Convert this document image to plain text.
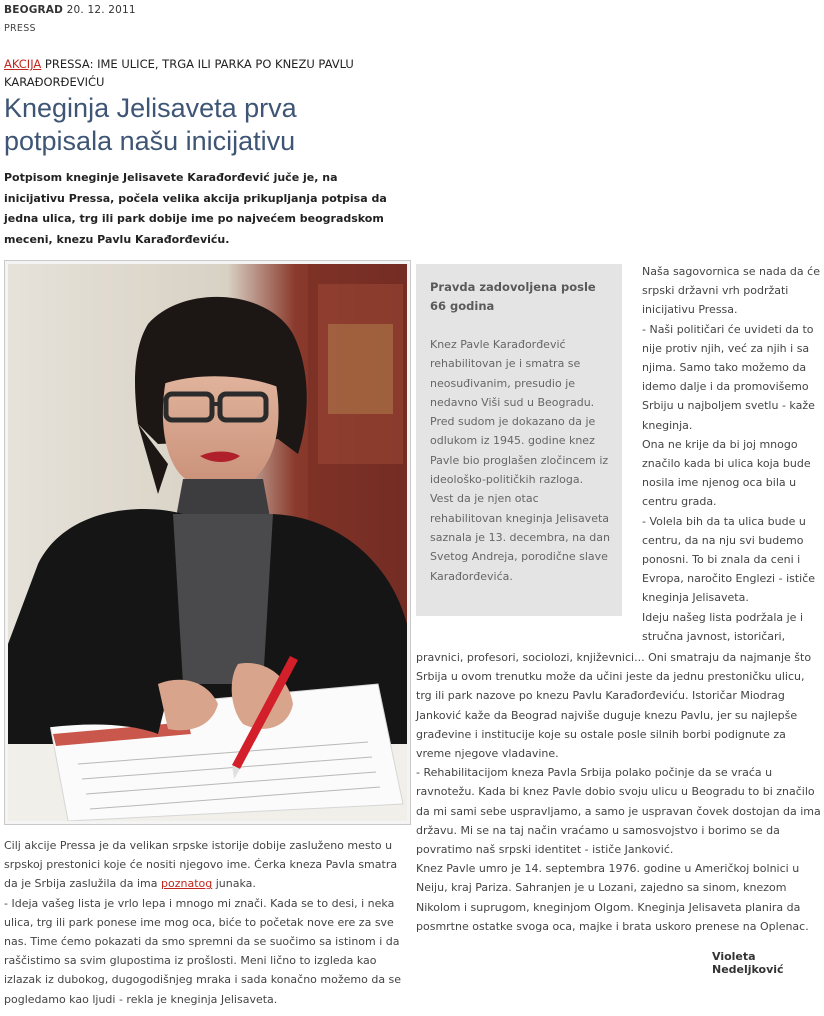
BEOGRAD 20. 12. 2011
PRESS
AKCIJA PRESSA: IME ULICE, TRGA ILI PARKA PO KNEZU PAVLU KARAĐORĐEVIĆU
Kneginja Jelisaveta prva potpisala našu inicijativu
Potpisom kneginje Jelisavete Karađorđević juče je, na inicijativu Pressa, počela velika akcija prikupljanja potpisa da jedna ulica, trg ili park dobije ime po najvećem beogradskom meceni, knezu Pavlu Karađorđeviću.
Pravda zadovoljena posle 66 godina
Knez Pavle Karađorđević rehabilitovan je i smatra se neosuđivanim, presudio je nedavno Viši sud u Beogradu. Pred sudom je dokazano da je odlukom iz 1945. godine knez Pavle bio proglašen zločincem iz ideološko-političkih razloga. Vest da je njen otac rehabilitovan kneginja Jelisaveta saznala je 13. decembra, na dan Svetog Andreja, porodične slave Karađorđevića.

Naša sagovornica se nada da će srpski državni vrh podržati inicijativu Pressa.

- Naši političari će uvideti da to nije protiv njih, već za njih i sa njima. Samo tako možemo da idemo dalje i da promovišemo Srbiju u najboljem svetlu - kaže kneginja.

Ona ne krije da bi joj mnogo značilo kada bi ulica koja bude nosila ime njenog oca bila u centru grada.

- Volela bih da ta ulica bude u centru, da na nju svi budemo ponosni. To bi znala da ceni i Evropa, naročito Englezi - ističe kneginja Jelisaveta.

Ideju našeg lista podržala je i stručna javnost, istoričari,

pravnici, profesori, sociolozi, književnici... Oni smatraju da najmanje što Srbija u ovom trenutku može da učini jeste da jednu prestoničku ulicu, trg ili park nazove po knezu Pavlu Karađorđeviću. Istoričar Miodrag Janković kaže da Beograd najviše duguje knezu Pavlu, jer su najlepše građevine i institucije koje su ostale posle silnih borbi podignute za vreme njegove vladavine.

- Rehabilitacijom kneza Pavla Srbija polako počinje da se vraća u ravnotežu. Kada bi knez Pavle dobio svoju ulicu u Beogradu to bi značilo da mi sami sebe uspravljamo, a samo je uspravan čovek dostojan da ima državu. Mi se na taj način vraćamo u samosvojstvo i borimo se da povratimo naš srpski identitet - ističe Janković.

Knez Pavle umro je 14. septembra 1976. godine u Američkoj bolnici u Neiju, kraj Pariza. Sahranjen je u Lozani, zajedno sa sinom, knezom Nikolom i suprugom, kneginjom Olgom. Kneginja Jelisaveta planira da posmrtne ostatke svoga oca, majke i brata uskoro prenese na Oplenac.

Cilj akcije Pressa je da velikan srpske istorije dobije zasluženo mesto u srpskoj prestonici koje će nositi njegovo ime. Ćerka kneza Pavla smatra da je Srbija zaslužila da ima poznatog junaka.

- Ideja vašeg lista je vrlo lepa i mnogo mi znači. Kada se to desi, i neka ulica, trg ili park ponese ime mog oca, biće to početak nove ere za sve nas. Time ćemo pokazati da smo spremni da se suočimo sa istinom i da raščistimo sa svim glupostima iz prošlosti. Meni lično to izgleda kao izlazak iz dubokog, dugogodišnjeg mraka i sada konačno možemo da se pogledamo kao ljudi - rekla je kneginja Jelisaveta.

Violeta Nedeljković
